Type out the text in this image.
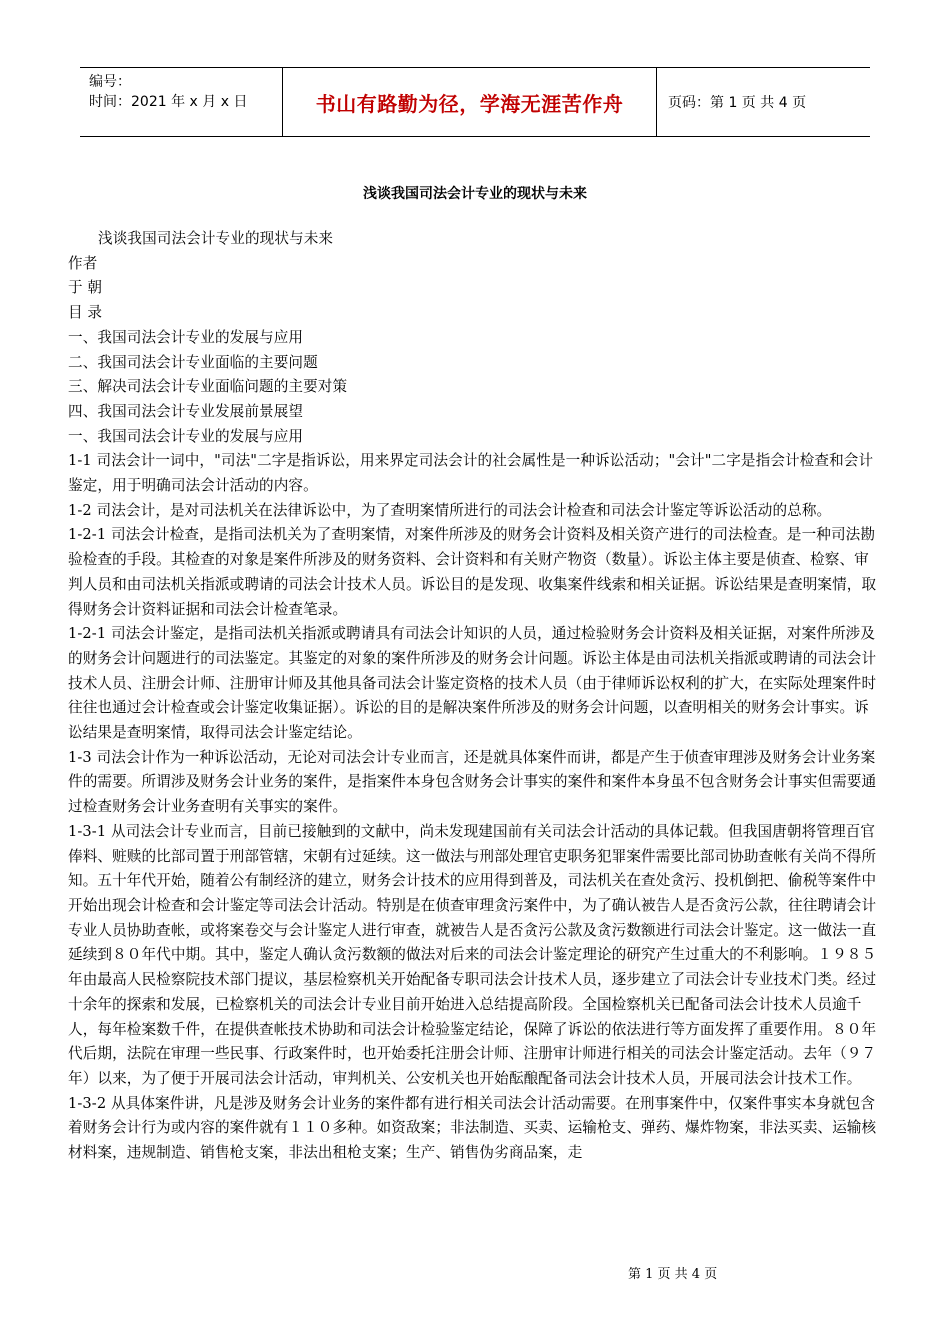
编号：
时间：2021 年 x 月 x 日	书山有路勤为径，学海无涯苦作舟	页码：第 1 页 共 4 页
浅谈我国司法会计专业的现状与未来

浅谈我国司法会计专业的现状与未来

作者

于 朝

目 录

一、我国司法会计专业的发展与应用

二、我国司法会计专业面临的主要问题

三、解决司法会计专业面临问题的主要对策

四、我国司法会计专业发展前景展望

一、我国司法会计专业的发展与应用

1-1 司法会计一词中，"司法"二字是指诉讼，用来界定司法会计的社会属性是一种诉讼活动；"会计"二字是指会计检查和会计鉴定，用于明确司法会计活动的内容。

1-2 司法会计，是对司法机关在法律诉讼中，为了查明案情所进行的司法会计检查和司法会计鉴定等诉讼活动的总称。

1-2-1 司法会计检查，是指司法机关为了查明案情，对案件所涉及的财务会计资料及相关资产进行的司法检查。是一种司法勘验检查的手段。其检查的对象是案件所涉及的财务资料、会计资料和有关财产物资（数量）。诉讼主体主要是侦查、检察、审判人员和由司法机关指派或聘请的司法会计技术人员。诉讼目的是发现、收集案件线索和相关证据。诉讼结果是查明案情，取得财务会计资料证据和司法会计检查笔录。

1-2-1 司法会计鉴定，是指司法机关指派或聘请具有司法会计知识的人员，通过检验财务会计资料及相关证据，对案件所涉及的财务会计问题进行的司法鉴定。其鉴定的对象的案件所涉及的财务会计问题。诉讼主体是由司法机关指派或聘请的司法会计技术人员、注册会计师、注册审计师及其他具备司法会计鉴定资格的技术人员（由于律师诉讼权利的扩大，在实际处理案件时往往也通过会计检查或会计鉴定收集证据）。诉讼的目的是解决案件所涉及的财务会计问题，以查明相关的财务会计事实。诉讼结果是查明案情，取得司法会计鉴定结论。

1-3 司法会计作为一种诉讼活动，无论对司法会计专业而言，还是就具体案件而讲，都是产生于侦查审理涉及财务会计业务案件的需要。所谓涉及财务会计业务的案件，是指案件本身包含财务会计事实的案件和案件本身虽不包含财务会计事实但需要通过检查财务会计业务查明有关事实的案件。

1-3-1 从司法会计专业而言，目前已接触到的文献中，尚未发现建国前有关司法会计活动的具体记载。但我国唐朝将管理百官俸料、赃赎的比部司置于刑部管辖，宋朝有过延续。这一做法与刑部处理官吏职务犯罪案件需要比部司协助查帐有关尚不得所知。五十年代开始，随着公有制经济的建立，财务会计技术的应用得到普及，司法机关在查处贪污、投机倒把、偷税等案件中开始出现会计检查和会计鉴定等司法会计活动。特别是在侦查审理贪污案件中，为了确认被告人是否贪污公款，往往聘请会计专业人员协助查帐，或将案卷交与会计鉴定人进行审查，就被告人是否贪污公款及贪污数额进行司法会计鉴定。这一做法一直延续到８０年代中期。其中，鉴定人确认贪污数额的做法对后来的司法会计鉴定理论的研究产生过重大的不利影响。１９８５年由最高人民检察院技术部门提议，基层检察机关开始配备专职司法会计技术人员，逐步建立了司法会计专业技术门类。经过十余年的探索和发展，已检察机关的司法会计专业目前开始进入总结提高阶段。全国检察机关已配备司法会计技术人员逾千人，每年检案数千件，在提供查帐技术协助和司法会计检验鉴定结论，保障了诉讼的依法进行等方面发挥了重要作用。８０年代后期，法院在审理一些民事、行政案件时，也开始委托注册会计师、注册审计师进行相关的司法会计鉴定活动。去年（９７年）以来，为了便于开展司法会计活动，审判机关、公安机关也开始酝酿配备司法会计技术人员，开展司法会计技术工作。

1-3-2 从具体案件讲，凡是涉及财务会计业务的案件都有进行相关司法会计活动需要。在刑事案件中，仅案件事实本身就包含着财务会计行为或内容的案件就有１１０多种。如资敌案；非法制造、买卖、运输枪支、弹药、爆炸物案，非法买卖、运输核材料案，违规制造、销售枪支案，非法出租枪支案；生产、销售伪劣商品案，走

第 1 页 共 4 页
